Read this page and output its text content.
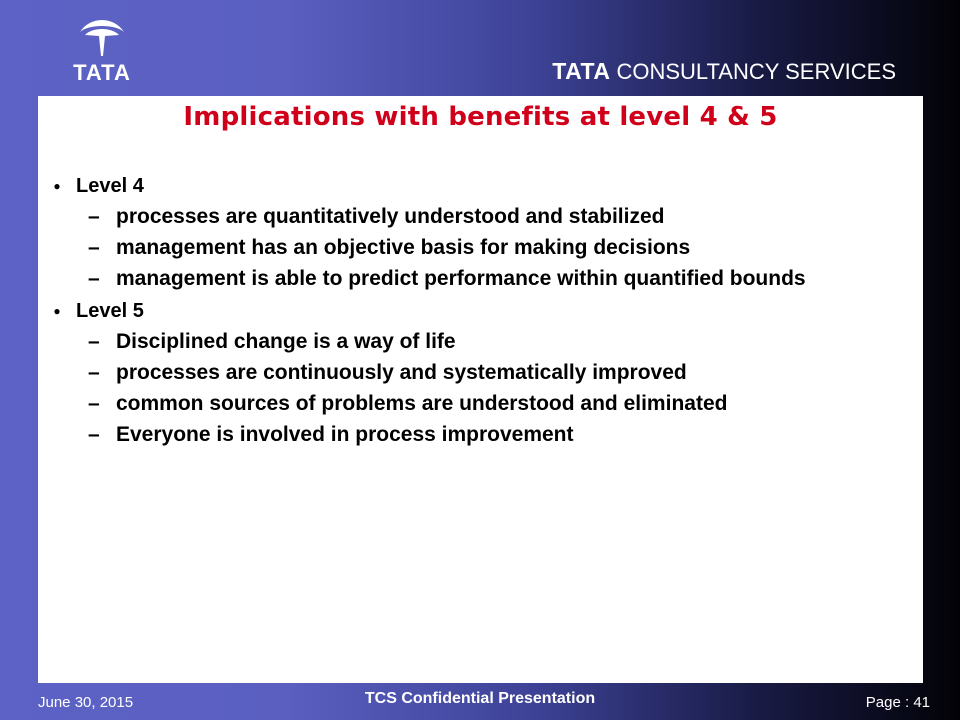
TATA	TATA CONSULTANCY SERVICES
Implications with benefits at level 4 & 5
● Level 4
– processes are quantitatively understood and stabilized
– management has an objective basis for making decisions
– management is able to predict performance within quantified bounds
● Level 5
– Disciplined change is a way of life
– processes are continuously and systematically improved
– common sources of problems are understood and eliminated
– Everyone is involved in process improvement
June 30, 2015	TCS Confidential Presentation	Page : 41
